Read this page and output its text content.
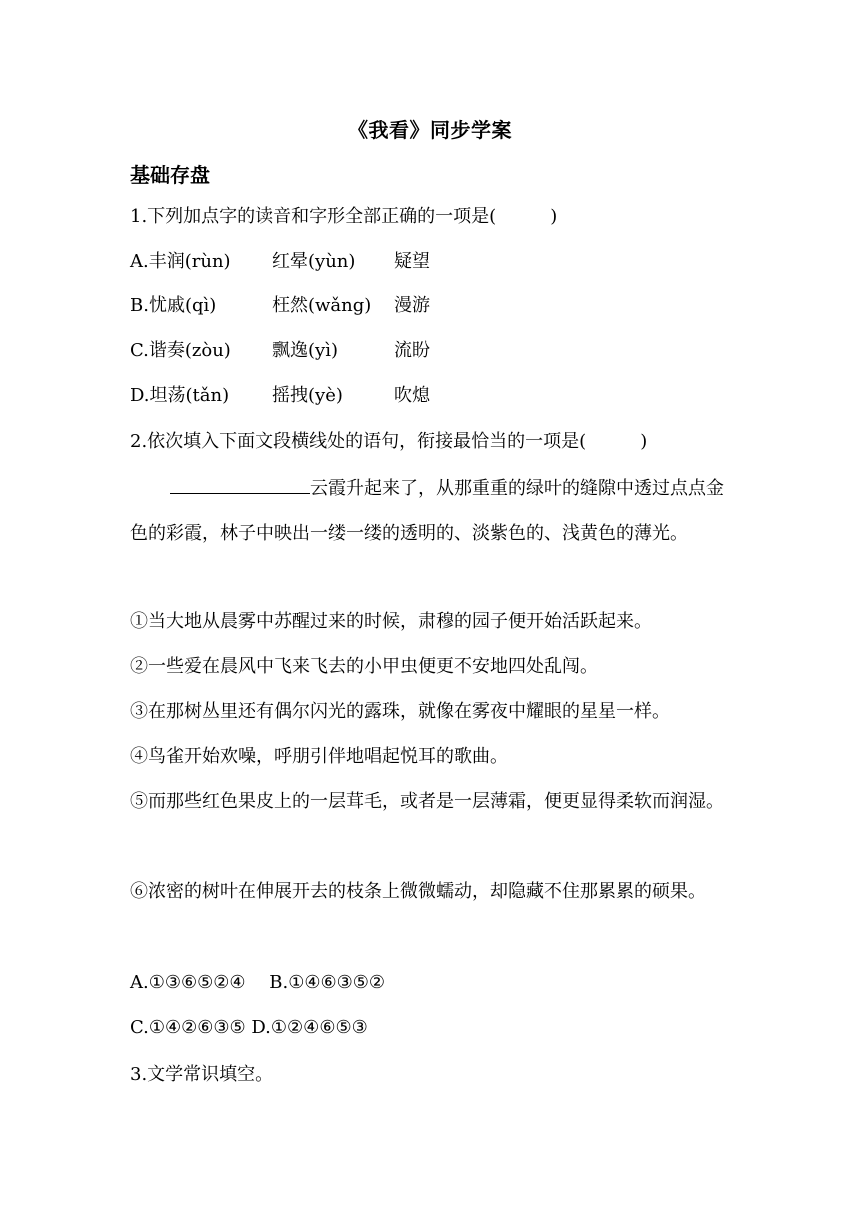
《我看》同步学案
基础存盘
1.下列加点字的读音和字形全部正确的一项是(　　　)
A.丰润(rùn) 红晕(yùn) 疑望
B.忧戚(qì)	枉然(wǎng) 漫游
C.谐奏(zòu) 飘逸(yì)	流盼
D.坦荡(tǎn) 摇拽(yè)	吹熄
2.依次填入下面文段横线处的语句，衔接最恰当的一项是(　　　)
云霞升起来了，从那重重的绿叶的缝隙中透过点点金色的彩霞，林子中映出一缕一缕的透明的、淡紫色的、浅黄色的薄光。
①当大地从晨雾中苏醒过来的时候，肃穆的园子便开始活跃起来。
②一些爱在晨风中飞来飞去的小甲虫便更不安地四处乱闯。
③在那树丛里还有偶尔闪光的露珠，就像在雾夜中耀眼的星星一样。
④鸟雀开始欢噪，呼朋引伴地唱起悦耳的歌曲。
⑤而那些红色果皮上的一层茸毛，或者是一层薄霜，便更显得柔软而润湿。
⑥浓密的树叶在伸展开去的枝条上微微蠕动，却隐藏不住那累累的硕果。
A.①③⑥⑤②④　 B.①④⑥③⑤②
C.①④②⑥③⑤ D.①②④⑥⑤③
3.文学常识填空。
